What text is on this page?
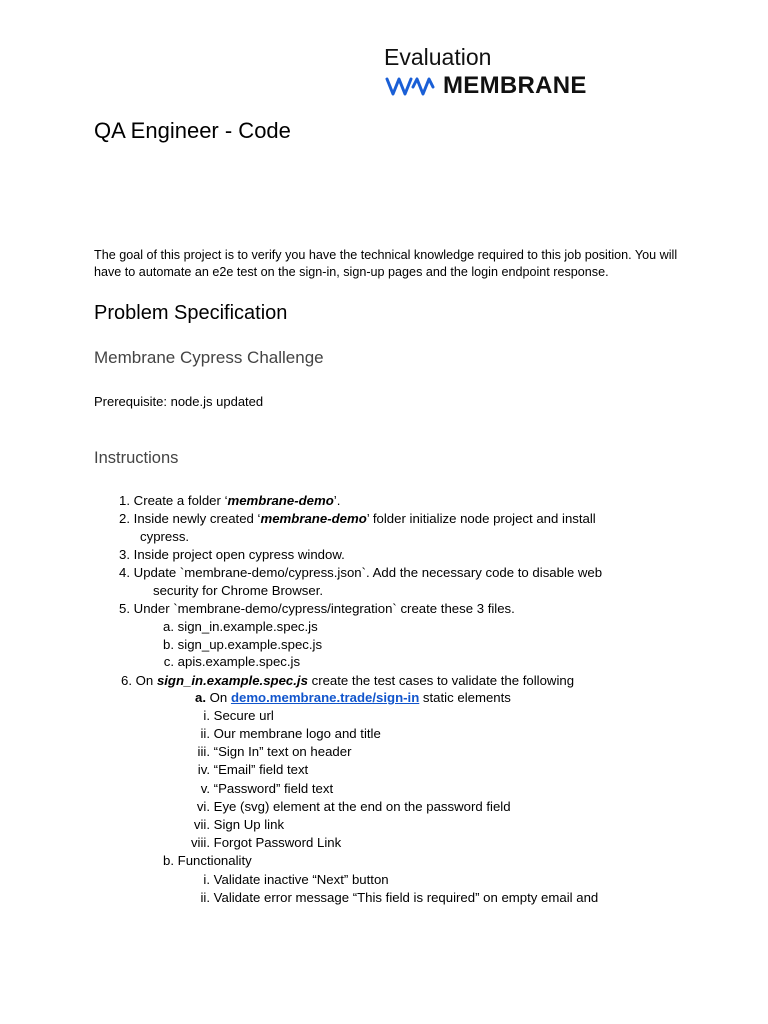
Evaluation
MEMBRANE
QA Engineer - Code
The goal of this project is to verify you have the technical knowledge required to this job position. You will have to automate an e2e test on the sign-in, sign-up pages and the login endpoint response.
Problem Specification
Membrane Cypress Challenge
Prerequisite: node.js updated
Instructions
1. Create a folder ‘membrane-demo’.
2. Inside newly created ‘membrane-demo’ folder initialize node project and install
cypress.
3. Inside project open cypress window.
4. Update `membrane-demo/cypress.json`. Add the necessary code to disable web
security for Chrome Browser.
5. Under `membrane-demo/cypress/integration` create these 3 files.
a. sign_in.example.spec.js
b. sign_up.example.spec.js
c. apis.example.spec.js
6. On sign_in.example.spec.js create the test cases to validate the following
a. On demo.membrane.trade/sign-in static elements
i. Secure url
ii. Our membrane logo and title
iii. “Sign In” text on header
iv. “Email” field text
v. “Password” field text
vi. Eye (svg) element at the end on the password field
vii. Sign Up link
viii. Forgot Password Link
b. Functionality
i. Validate inactive “Next” button
ii. Validate error message “This field is required” on empty email and
